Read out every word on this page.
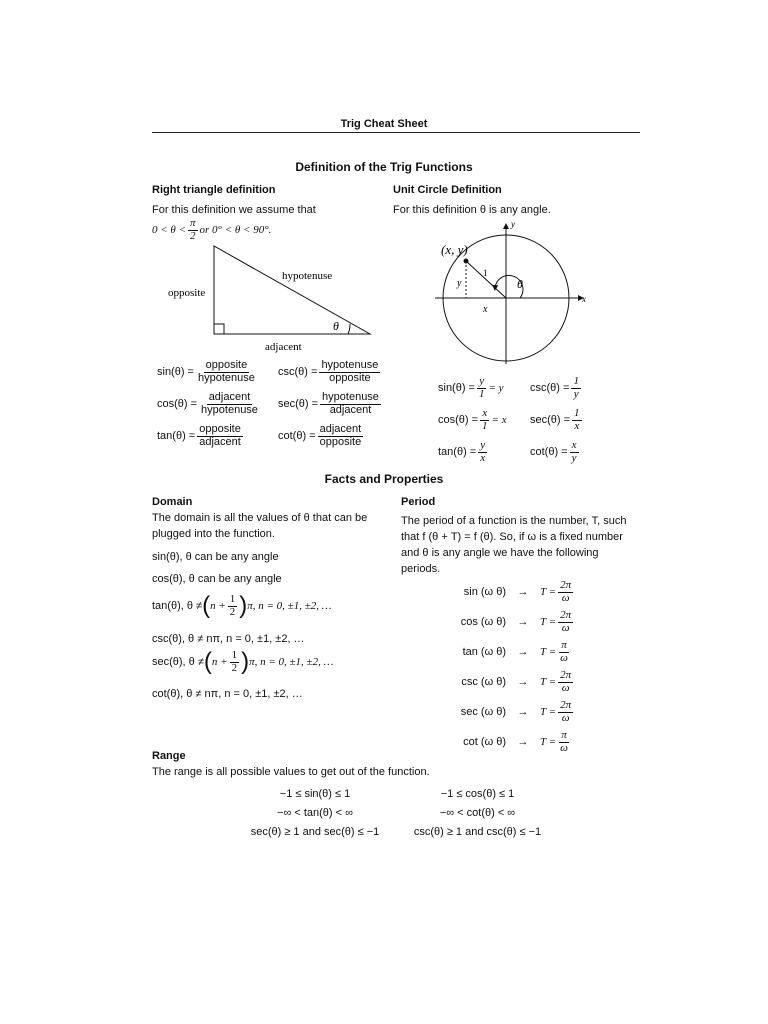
Trig Cheat Sheet
Definition of the Trig Functions
Right triangle definition
For this definition we assume that
$0 < \theta < \frac{\pi}{2}$ or 0° < θ < 90°.
opposite
hypotenuse
adjacent
θ
$\sin(\theta) = \frac{\text{opposite}}{\text{hypotenuse}} \csc(\theta) = \frac{\text{hypotenuse}}{\text{opposite}}$
$\cos(\theta) = \frac{\text{adjacent}}{\text{hypotenuse}} \sec(\theta) = \frac{\text{hypotenuse}}{\text{adjacent}}$
$\tan(\theta) = \frac{\text{opposite}}{\text{adjacent}}$	$\cot(\theta) = \frac{\text{adjacent}}{\text{opposite}}$
Unit Circle Definition
For this definition θ is any angle.
(x, y)
y
x
1
y
x
θ
$\sin(\theta) = \frac{y}{1} = y$ $\csc(\theta) = \frac{1}{y}$
$\cos(\theta) = \frac{x}{1} = x$ $\sec(\theta) = \frac{1}{x}$
$\tan(\theta) = \frac{y}{x}$	$\cot(\theta) = \frac{x}{y}$
Facts and Properties
Domain
The domain is all the values of θ that can be
plugged into the function.
sin(θ), θ can be any angle
cos(θ), θ can be any angle
tan(θ), θ ≠ ( $n + \frac{1}{2}$ ) π, n = 0, ±1, ±2, …
csc(θ), θ ≠ nπ, n = 0, ±1, ±2, …
sec(θ), θ ≠ ( $n + \frac{1}{2}$ ) π, n = 0, ±1, ±2, …
cot(θ), θ ≠ nπ, n = 0, ±1, ±2, …
Period
The period of a function is the number, T, such
that f (θ + T) = f (θ). So, if ω is a fixed number
and θ is any angle we have the following
periods.
sin (ω θ)	→	$T = \frac{2\pi}{\omega}$
cos (ω θ)	→	$T = \frac{2\pi}{\omega}$
tan (ω θ)	→	$T = \frac{\pi}{\omega}$
csc (ω θ)	→	$T = \frac{2\pi}{\omega}$
sec (ω θ)	→	$T = \frac{2\pi}{\omega}$
cot (ω θ)	→	$T = \frac{\pi}{\omega}$
Range
The range is all possible values to get out of the function.
−1 ≤ sin(θ) ≤ 1	−1 ≤ cos(θ) ≤ 1
−∞ < tan(θ) < ∞	−∞ < cot(θ) < ∞
sec(θ) ≥ 1 and sec(θ) ≤ −1	csc(θ) ≥ 1 and csc(θ) ≤ −1
